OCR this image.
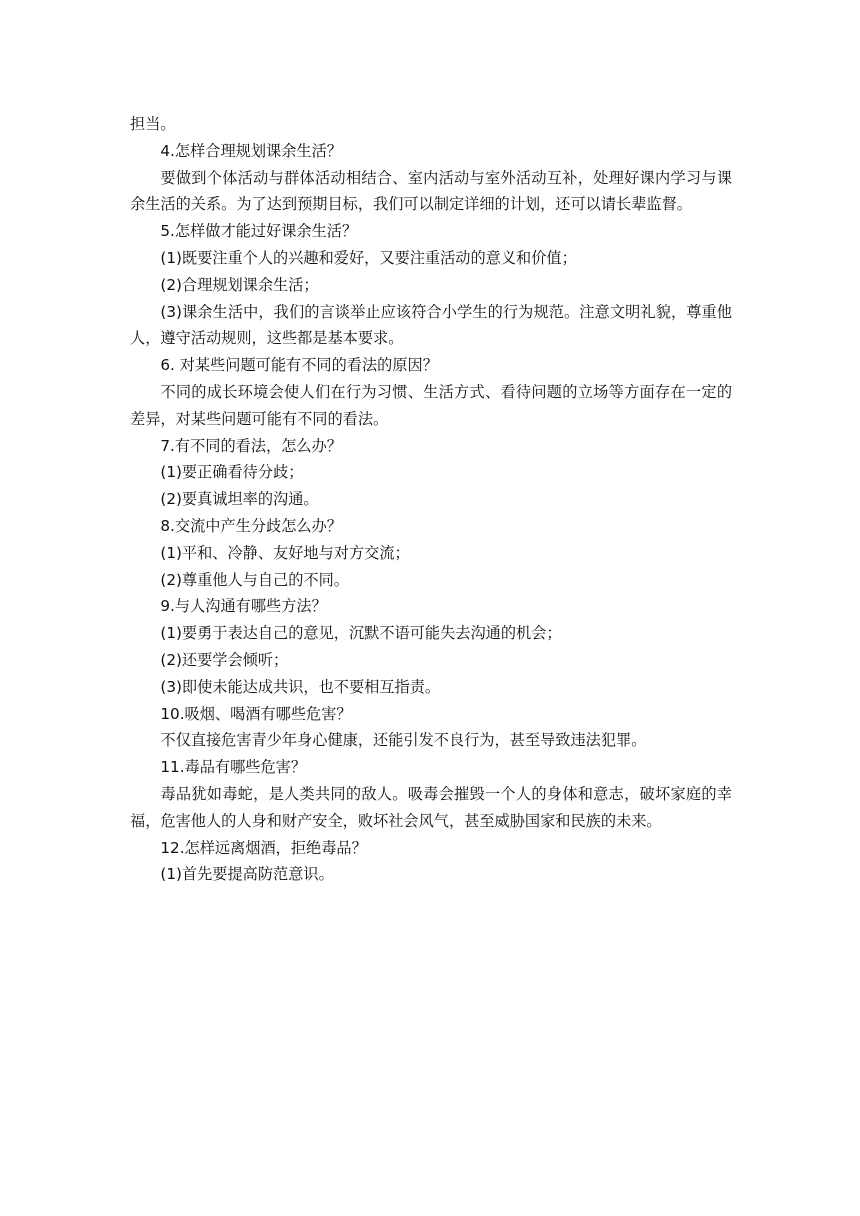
担当。

4.怎样合理规划课余生活？

要做到个体活动与群体活动相结合、室内活动与室外活动互补，处理好课内学习与课余生活的关系。为了达到预期目标，我们可以制定详细的计划，还可以请长辈监督。

5.怎样做才能过好课余生活？

(1)既要注重个人的兴趣和爱好，又要注重活动的意义和价值；

(2)合理规划课余生活；

(3)课余生活中，我们的言谈举止应该符合小学生的行为规范。注意文明礼貌，尊重他人，遵守活动规则，这些都是基本要求。

6. 对某些问题可能有不同的看法的原因？

不同的成长环境会使人们在行为习惯、生活方式、看待问题的立场等方面存在一定的差异，对某些问题可能有不同的看法。

7.有不同的看法，怎么办？

(1)要正确看待分歧；

(2)要真诚坦率的沟通。

8.交流中产生分歧怎么办？

(1)平和、冷静、友好地与对方交流；

(2)尊重他人与自己的不同。

9.与人沟通有哪些方法？

(1)要勇于表达自己的意见，沉默不语可能失去沟通的机会；

(2)还要学会倾听；

(3)即使未能达成共识，也不要相互指责。

10.吸烟、喝酒有哪些危害？

不仅直接危害青少年身心健康，还能引发不良行为，甚至导致违法犯罪。

11.毒品有哪些危害？

毒品犹如毒蛇，是人类共同的敌人。吸毒会摧毁一个人的身体和意志，破坏家庭的幸福，危害他人的人身和财产安全，败坏社会风气，甚至威胁国家和民族的未来。

12.怎样远离烟酒，拒绝毒品？

(1)首先要提高防范意识。
